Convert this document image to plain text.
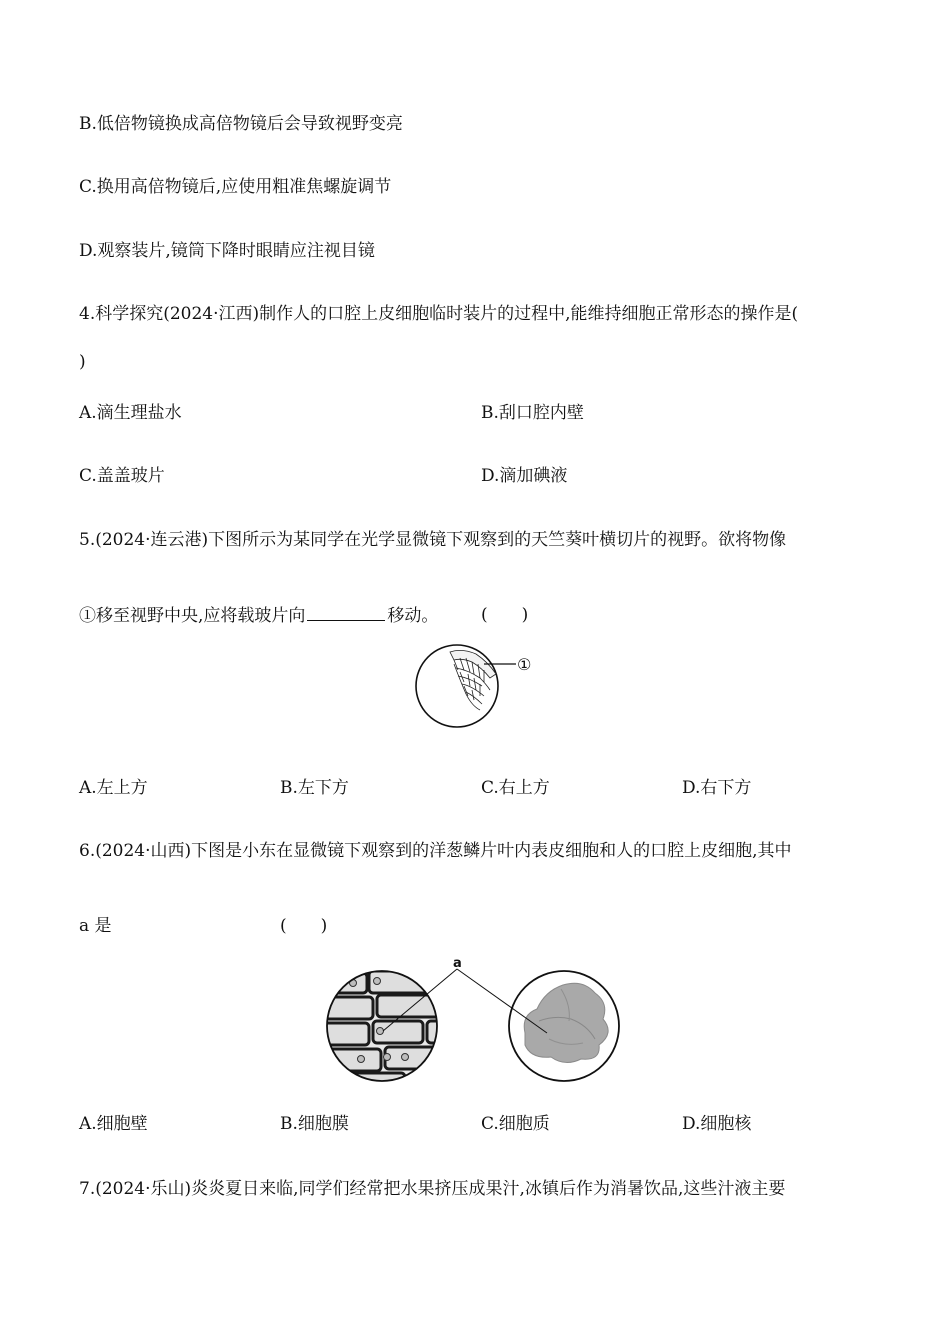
B.低倍物镜换成高倍物镜后会导致视野变亮
C.换用高倍物镜后,应使用粗准焦螺旋调节
D.观察装片,镜筒下降时眼睛应注视目镜
4.科学探究(2024·江西)制作人的口腔上皮细胞临时装片的过程中,能维持细胞正常形态的操作是(
)
A.滴生理盐水	B.刮口腔内壁
C.盖盖玻片	D.滴加碘液
5.(2024·连云港)下图所示为某同学在光学显微镜下观察到的天竺葵叶横切片的视野。欲将物像
①移至视野中央,应将载玻片向	移动。	(　　)
①
A.左上方	B.左下方	C.右上方	D.右下方
6.(2024·山西)下图是小东在显微镜下观察到的洋葱鳞片叶内表皮细胞和人的口腔上皮细胞,其中
a 是	(　　)
a
A.细胞壁	B.细胞膜	C.细胞质	D.细胞核
7.(2024·乐山)炎炎夏日来临,同学们经常把水果挤压成果汁,冰镇后作为消暑饮品,这些汁液主要
